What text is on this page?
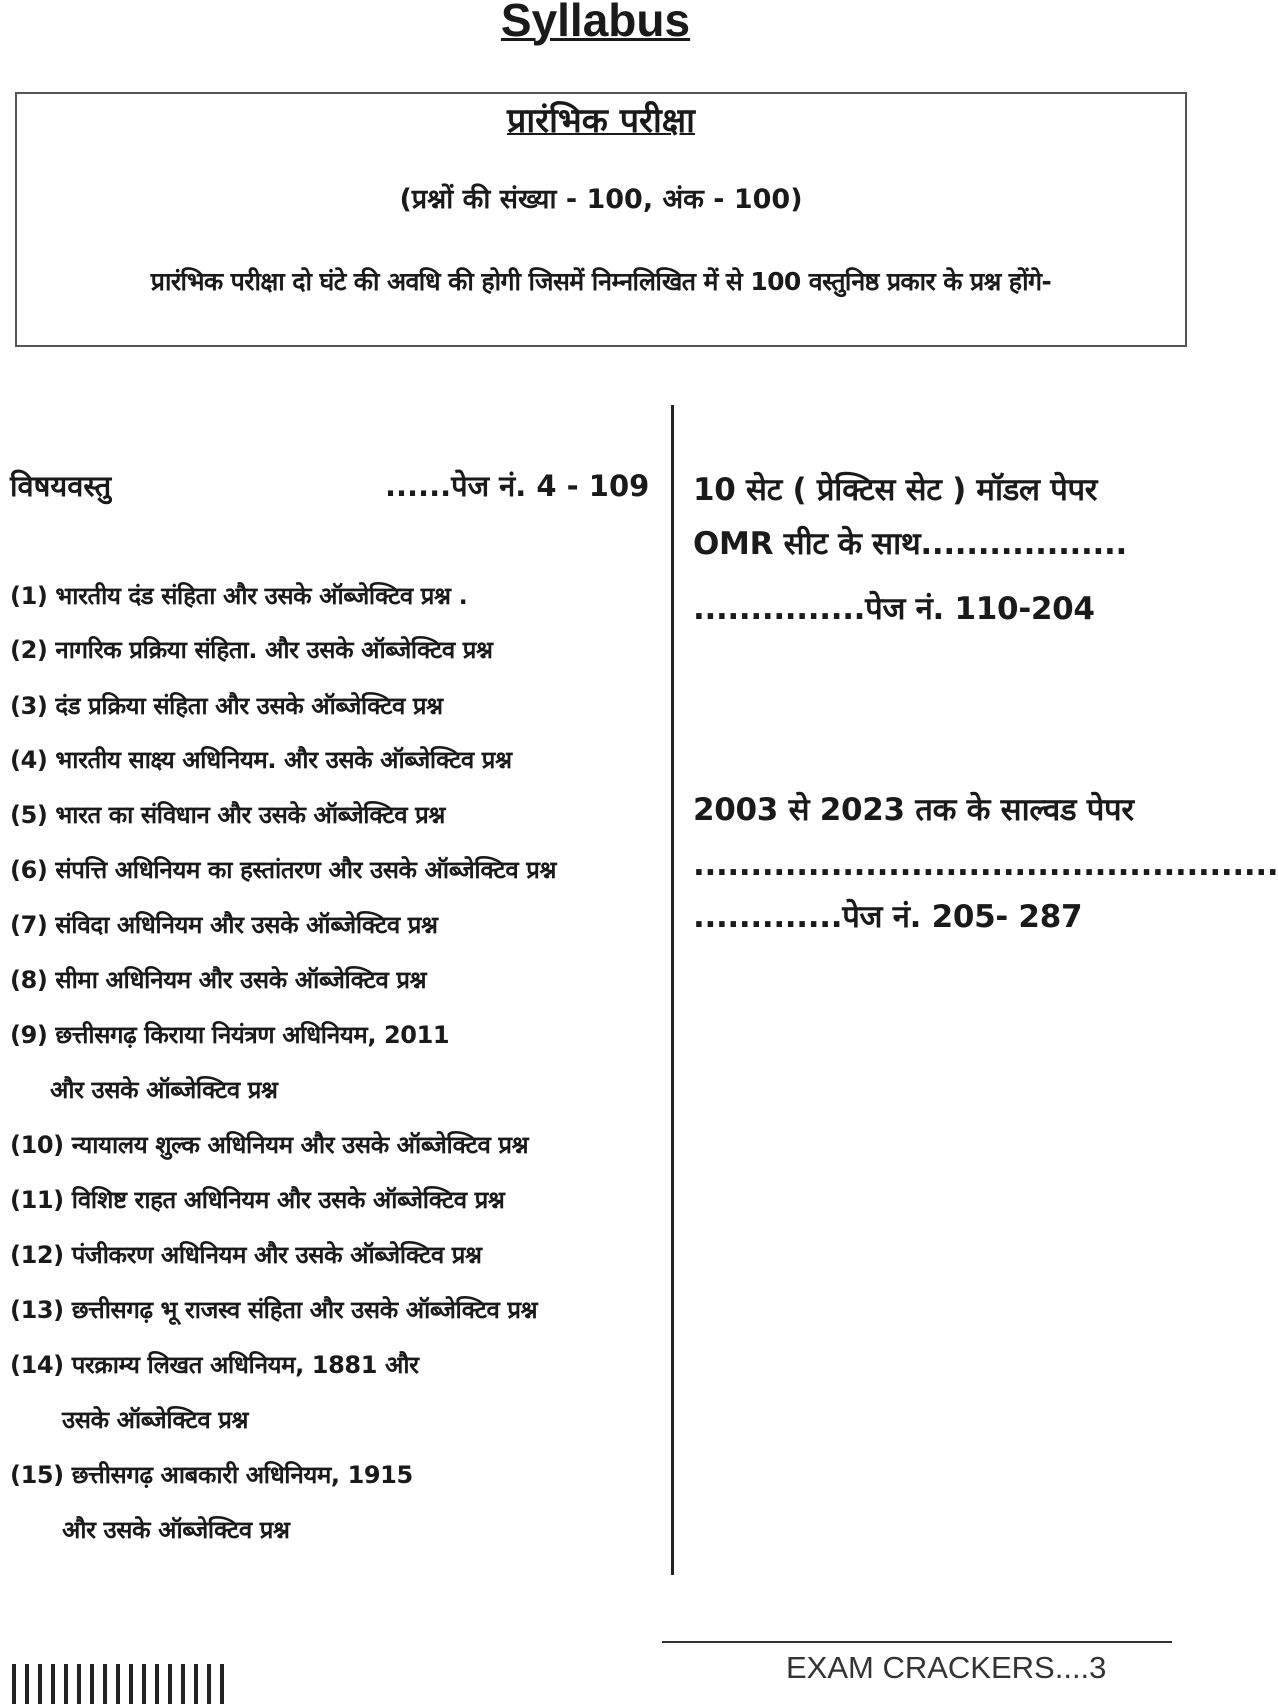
Syllabus
प्रारंभिक परीक्षा
(प्रश्नों की संख्या - 100, अंक - 100)
प्रारंभिक परीक्षा दो घंटे की अवधि की होगी जिसमें निम्नलिखित में से 100 वस्तुनिष्ठ प्रकार के प्रश्न होंगे-
विषयवस्तु	......पेज नं. 4 - 109
(1) भारतीय दंड संहिता और उसके ऑब्जेक्टिव प्रश्न .
(2) नागरिक प्रक्रिया संहिता. और उसके ऑब्जेक्टिव प्रश्न
(3) दंड प्रक्रिया संहिता और उसके ऑब्जेक्टिव प्रश्न
(4) भारतीय साक्ष्य अधिनियम. और उसके ऑब्जेक्टिव प्रश्न
(5) भारत का संविधान और उसके ऑब्जेक्टिव प्रश्न
(6) संपत्ति अधिनियम का हस्तांतरण और उसके ऑब्जेक्टिव प्रश्न
(7) संविदा अधिनियम और उसके ऑब्जेक्टिव प्रश्न
(8) सीमा अधिनियम और उसके ऑब्जेक्टिव प्रश्न
(9) छत्तीसगढ़ किराया नियंत्रण अधिनियम, 2011
और उसके ऑब्जेक्टिव प्रश्न
(10) न्यायालय शुल्क अधिनियम और उसके ऑब्जेक्टिव प्रश्न
(11) विशिष्ट राहत अधिनियम और उसके ऑब्जेक्टिव प्रश्न
(12) पंजीकरण अधिनियम और उसके ऑब्जेक्टिव प्रश्न
(13) छत्तीसगढ़ भू राजस्व संहिता और उसके ऑब्जेक्टिव प्रश्न
(14) परक्राम्य लिखत अधिनियम, 1881 और
उसके ऑब्जेक्टिव प्रश्न
(15) छत्तीसगढ़ आबकारी अधिनियम, 1915
और उसके ऑब्जेक्टिव प्रश्न
10 सेट ( प्रेक्टिस सेट ) मॉडल पेपर
OMR सीट के साथ..................
...............पेज नं. 110-204
2003 से 2023 तक के साल्वड पेपर
...................................................
.............पेज नं. 205- 287
EXAM CRACKERS....3
